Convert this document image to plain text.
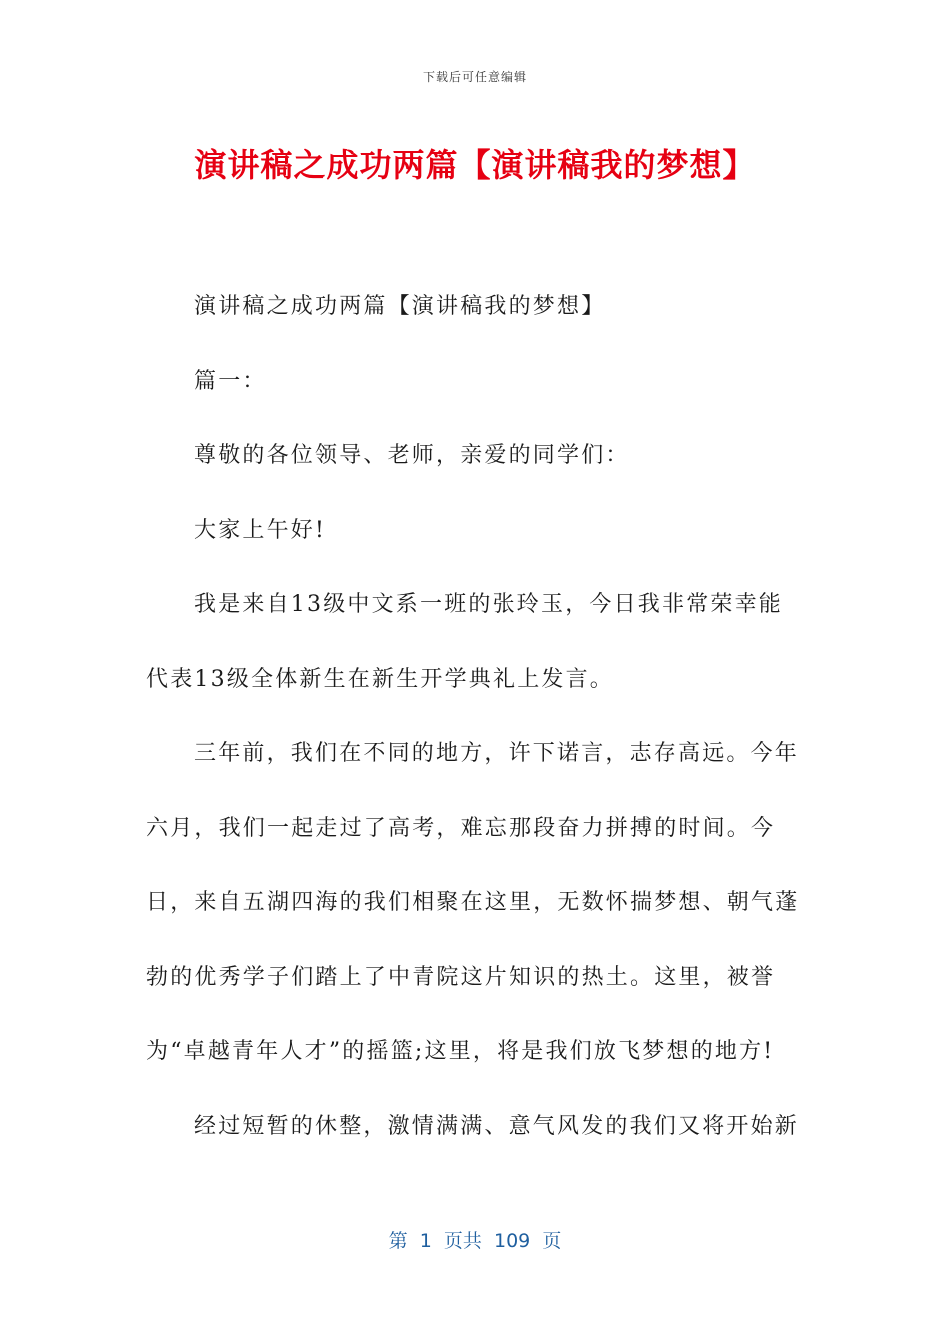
下载后可任意编辑
演讲稿之成功两篇【演讲稿我的梦想】

演讲稿之成功两篇【演讲稿我的梦想】

篇一：

尊敬的各位领导、老师，亲爱的同学们：

大家上午好!

我是来自13级中文系一班的张玲玉，今日我非常荣幸能代表13级全体新生在新生开学典礼上发言。

三年前，我们在不同的地方，许下诺言，志存高远。今年六月，我们一起走过了高考，难忘那段奋力拼搏的时间。今日，来自五湖四海的我们相聚在这里，无数怀揣梦想、朝气蓬勃的优秀学子们踏上了中青院这片知识的热土。这里，被誉为“卓越青年人才”的摇篮;这里，将是我们放飞梦想的地方!

经过短暂的休整，激情满满、意气风发的我们又将开始新

第  1  页共  109  页
